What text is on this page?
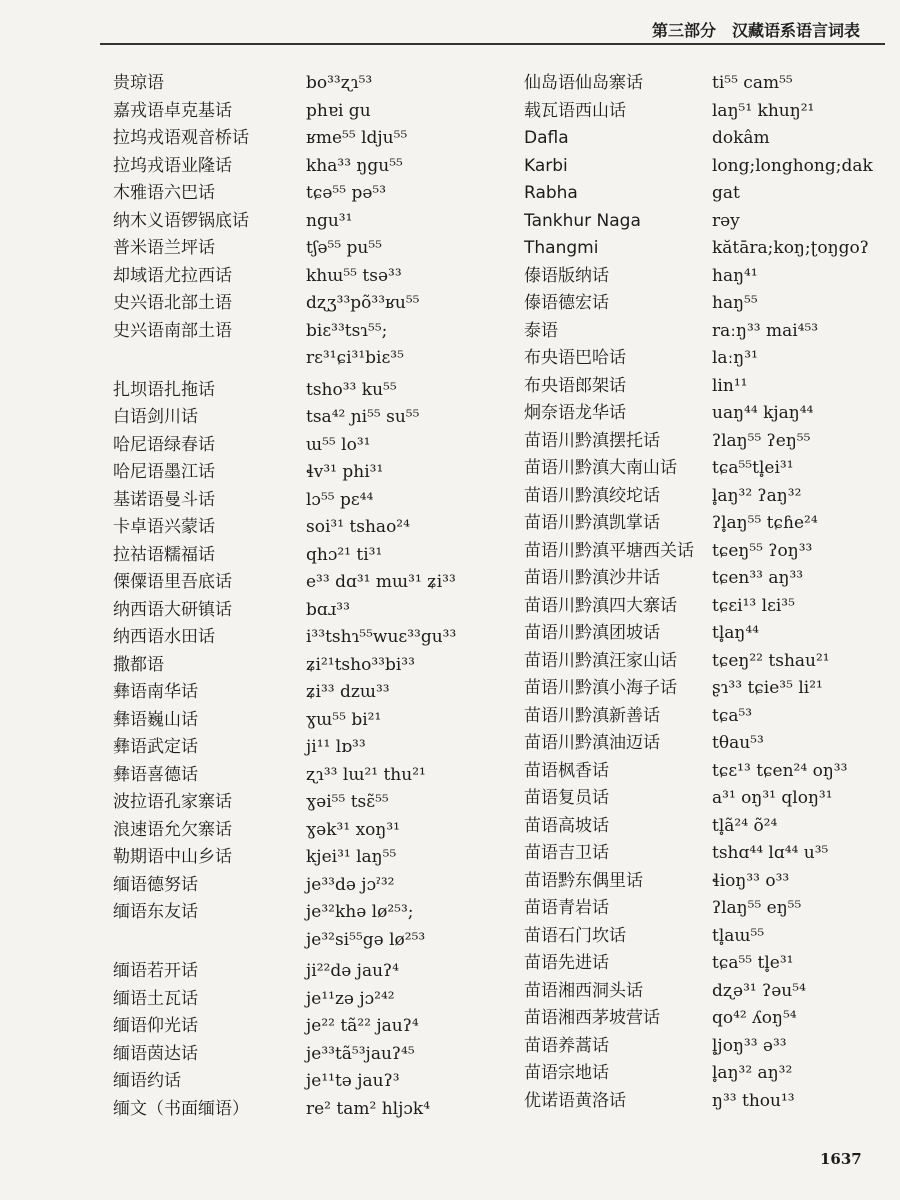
第三部分　汉藏语系语言词表
贵琼语	bo³³ʐɿ⁵³
嘉戎语卓克基话	phɐi gu
拉坞戎语观音桥话	ʁme⁵⁵ ldju⁵⁵
拉坞戎语业隆话	kha³³ ŋgu⁵⁵
木雅语六巴话	tɕə⁵⁵ pə⁵³
纳木义语锣锅底话	ngu³¹
普米语兰坪话	tʃə⁵⁵ pu⁵⁵
却域语尤拉西话	khɯ⁵⁵ tsə³³
史兴语北部土语	dʐʒ³³põ³³ʁu⁵⁵
史兴语南部土语	biɛ³³tsɿ⁵⁵;
rɛ³¹ɕi³¹biɛ³⁵
扎坝语扎拖话	tsho³³ ku⁵⁵
白语剑川话	tsa⁴² ɲi⁵⁵ su⁵⁵
哈尼语绿春话	ɯ⁵⁵ lo³¹
哈尼语墨江话	ɬv³¹ phi³¹
基诺语曼斗话	lɔ⁵⁵ pɛ⁴⁴
卡卓语兴蒙话	soi³¹ tshao²⁴
拉祜语糯福话	qhɔ²¹ ti³¹
傈僳语里吾底话	e³³ dɑ³¹ mɯ³¹ ʑi³³
纳西语大研镇话	bɑɹ³³
纳西语水田话	i³³tshɿ⁵⁵wuɛ³³gu³³
撒都语	ʑi²¹tsho³³bi³³
彝语南华话	ʑi³³ dzɯ³³
彝语巍山话	ɣɯ⁵⁵ bi²¹
彝语武定话	ji¹¹ lɒ³³
彝语喜德话	ʐɿ³³ lɯ²¹ thu²¹
波拉语孔家寨话	ɣəi⁵⁵ tsɛ̃⁵⁵
浪速语允欠寨话	ɣək³¹ xoŋ³¹
勒期语中山乡话	kjei³¹ laŋ⁵⁵
缅语德努话	je³³də jɔˀ³²
缅语东友话	je³²khə lø²⁵³;
je³²si⁵⁵gə lø²⁵³
缅语若开话	ji²²də jauʔ⁴
缅语土瓦话	je¹¹zə jɔ²⁴²
缅语仰光话	je²² tã²² jauʔ⁴
缅语茵达话	je³³tã⁵³jauʔ⁴⁵
缅语约话	je¹¹tə jauʔ³
缅文（书面缅语）	re² tam² hljɔk⁴
仙岛语仙岛寨话	ti⁵⁵ cam⁵⁵
载瓦语西山话	laŋ⁵¹ khuŋ²¹
Dafla	dokâm
Karbi	long;longhong;dak
Rabha	gat
Tankhur Naga	rəy
Thangmi	kătāra;koŋ;ʈoŋgoʔ
傣语版纳话	haŋ⁴¹
傣语德宏话	haŋ⁵⁵
泰语	raːŋ³³ mai⁴⁵³
布央语巴哈话	laːŋ³¹
布央语郎架话	lin¹¹
炯奈语龙华话	uaŋ⁴⁴ kjaŋ⁴⁴
苗语川黔滇摆托话	ʔlaŋ⁵⁵ ʔeŋ⁵⁵
苗语川黔滇大南山话 tɕa⁵⁵tl̥ei³¹
苗语川黔滇绞坨话	l̥aŋ³² ʔaŋ³²
苗语川黔滇凯掌话	ʔl̥aŋ⁵⁵ tɕɦe²⁴
苗语川黔滇平塘西关话 tɕeŋ⁵⁵ ʔoŋ³³
苗语川黔滇沙井话	tɕen³³ aŋ³³
苗语川黔滇四大寨话 tɕɛi¹³ lɛi³⁵
苗语川黔滇团坡话	tl̥aŋ⁴⁴
苗语川黔滇汪家山话 tɕeŋ²² tshau²¹
苗语川黔滇小海子话 ʂɿ³³ tɕie³⁵ li²¹
苗语川黔滇新善话	tɕa⁵³
苗语川黔滇油迈话	tθau⁵³
苗语枫香话	tɕɛ¹³ tɕen²⁴ oŋ³³
苗语复员话	a³¹ oŋ³¹ qloŋ³¹
苗语高坡话	tl̥ã²⁴ õ²⁴
苗语吉卫话	tshɑ⁴⁴ lɑ⁴⁴ u³⁵
苗语黔东偶里话	ɬioŋ³³ o³³
苗语青岩话	ʔlaŋ⁵⁵ eŋ⁵⁵
苗语石门坎话	tl̥aɯ⁵⁵
苗语先进话	tɕa⁵⁵ tl̥e³¹
苗语湘西洞头话	dʐə³¹ ʔəu⁵⁴
苗语湘西茅坡营话	qo⁴² ʎoŋ⁵⁴
苗语养蒿话	l̥joŋ³³ ə³³
苗语宗地话	l̥aŋ³² aŋ³²
优诺语黄洛话	ŋ³³ thou¹³
1637
